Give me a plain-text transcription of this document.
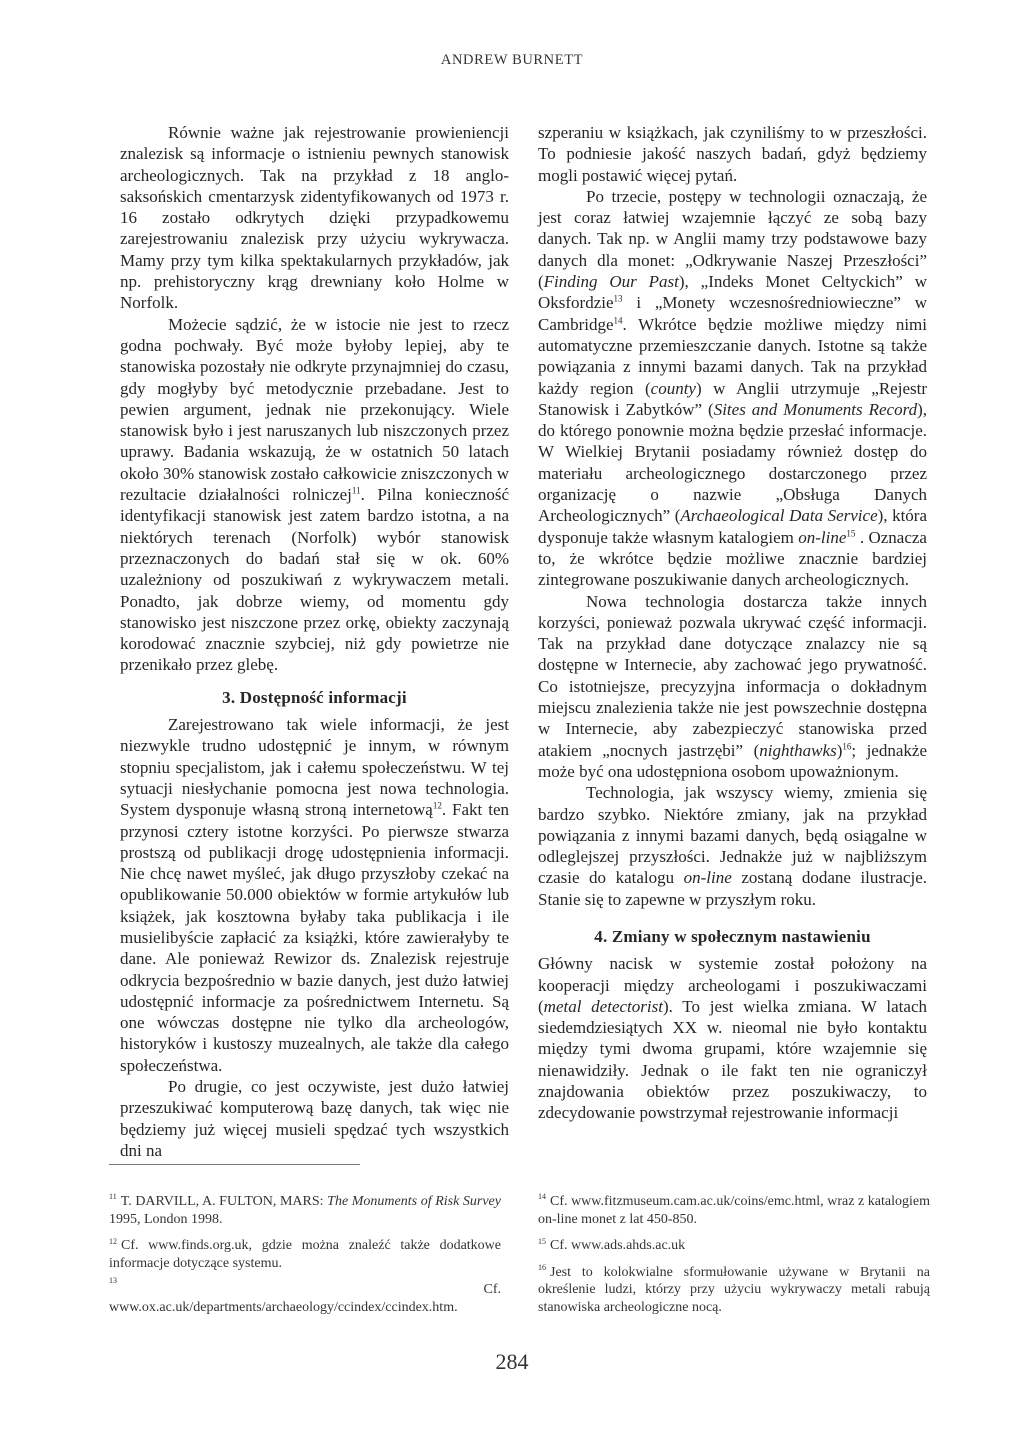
ANDREW BURNETT

Równie ważne jak rejestrowanie prowieniencji znalezisk są informacje o istnieniu pewnych stanowisk archeologicznych. Tak na przykład z 18 anglo-saksońskich cmentarzysk zidentyfikowanych od 1973 r. 16 zostało odkrytych dzięki przypadkowemu zarejestrowaniu znalezisk przy użyciu wykrywacza. Mamy przy tym kilka spektakularnych przykładów, jak np. prehistoryczny krąg drewniany koło Holme w Norfolk.

Możecie sądzić, że w istocie nie jest to rzecz godna pochwały. Być może byłoby lepiej, aby te stanowiska pozostały nie odkryte przynajmniej do czasu, gdy mogłyby być metodycznie przebadane. Jest to pewien argument, jednak nie przekonujący. Wiele stanowisk było i jest naruszanych lub niszczonych przez uprawy. Badania wskazują, że w ostatnich 50 latach około 30% stanowisk zostało całkowicie zniszczonych w rezultacie działalności rolniczej$^{11}$. Pilna konieczność identyfikacji stanowisk jest zatem bardzo istotna, a na niektórych terenach (Norfolk) wybór stanowisk przeznaczonych do badań stał się w ok. 60% uzależniony od poszukiwań z wykrywaczem metali. Ponadto, jak dobrze wiemy, od momentu gdy stanowisko jest niszczone przez orkę, obiekty zaczynają korodować znacznie szybciej, niż gdy powietrze nie przenikało przez glebę.

3. Dostępność informacji

Zarejestrowano tak wiele informacji, że jest niezwykle trudno udostępnić je innym, w równym stopniu specjalistom, jak i całemu społeczeństwu. W tej sytuacji niesłychanie pomocna jest nowa technologia. System dysponuje własną stroną internetową$^{12}$. Fakt ten przynosi cztery istotne korzyści. Po pierwsze stwarza prostszą od publikacji drogę udostępnienia informacji. Nie chcę nawet myśleć, jak długo przyszłoby czekać na opublikowanie 50.000 obiektów w formie artykułów lub książek, jak kosztowna byłaby taka publikacja i ile musielibyście zapłacić za książki, które zawierałyby te dane. Ale ponieważ Rewizor ds. Znalezisk rejestruje odkrycia bezpośrednio w bazie danych, jest dużo łatwiej udostępnić informacje za pośrednictwem Internetu. Są one wówczas dostępne nie tylko dla archeologów, historyków i kustoszy muzealnych, ale także dla całego społeczeństwa.

Po drugie, co jest oczywiste, jest dużo łatwiej przeszukiwać komputerową bazę danych, tak więc nie będziemy już więcej musieli spędzać tych wszystkich dni na

szperaniu w książkach, jak czyniliśmy to w przeszłości. To podniesie jakość naszych badań, gdyż będziemy mogli postawić więcej pytań.

Po trzecie, postępy w technologii oznaczają, że jest coraz łatwiej wzajemnie łączyć ze sobą bazy danych. Tak np. w Anglii mamy trzy podstawowe bazy danych dla monet: „Odkrywanie Naszej Przeszłości” (Finding Our Past), „Indeks Monet Celtyckich” w Oksfordzie$^{13}$ i „Monety wczesnośredniowieczne” w Cambridge$^{14}$. Wkrótce będzie możliwe między nimi automatyczne przemieszczanie danych. Istotne są także powiązania z innymi bazami danych. Tak na przykład każdy region (county) w Anglii utrzymuje „Rejestr Stanowisk i Zabytków” (Sites and Monuments Record), do którego ponownie można będzie przesłać informacje. W Wielkiej Brytanii posiadamy również dostęp do materiału archeologicznego dostarczonego przez organizację o nazwie „Obsługa Danych Archeologicznych” (Archaeological Data Service), która dysponuje także własnym katalogiem on-line$^{15}$ . Oznacza to, że wkrótce będzie możliwe znacznie bardziej zintegrowane poszukiwanie danych archeologicznych.

Nowa technologia dostarcza także innych korzyści, ponieważ pozwala ukrywać część informacji. Tak na przykład dane dotyczące znalazcy nie są dostępne w Internecie, aby zachować jego prywatność. Co istotniejsze, precyzyjna informacja o dokładnym miejscu znalezienia także nie jest powszechnie dostępna w Internecie, aby zabezpieczyć stanowiska przed atakiem „nocnych jastrzębi” (nighthawks)$^{16}$; jednakże może być ona udostępniona osobom upoważnionym.

Technologia, jak wszyscy wiemy, zmienia się bardzo szybko. Niektóre zmiany, jak na przykład powiązania z innymi bazami danych, będą osiągalne w odleglejszej przyszłości. Jednakże już w najbliższym czasie do katalogu on-line zostaną dodane ilustracje. Stanie się to zapewne w przyszłym roku.

4. Zmiany w społecznym nastawieniu

Główny nacisk w systemie został położony na kooperacji między archeologami i poszukiwaczami (metal detectorist). To jest wielka zmiana. W latach siedemdziesiątych XX w. nieomal nie było kontaktu między tymi dwoma grupami, które wzajemnie się nienawidziły. Jednak o ile fakt ten nie ograniczył znajdowania obiektów przez poszukiwaczy, to zdecydowanie powstrzymał rejestrowanie informacji

$^{11}$ T. DARVILL, A. FULTON, MARS: The Monuments of Risk Survey 1995, London 1998.

$^{12}$ Cf. www.finds.org.uk, gdzie można znaleźć także dodatkowe informacje dotyczące systemu.

13
Cf.
www.ox.ac.uk/departments/archaeology/ccindex/ccindex.htm.

$^{14}$ Cf. www.fitzmuseum.cam.ac.uk/coins/emc.html, wraz z katalogiem on-line monet z lat 450-850.

$^{15}$ Cf. www.ads.ahds.ac.uk

$^{16}$ Jest to kolokwialne sformułowanie używane w Brytanii na określenie ludzi, którzy przy użyciu wykrywaczy metali rabują stanowiska archeologiczne nocą.

284
